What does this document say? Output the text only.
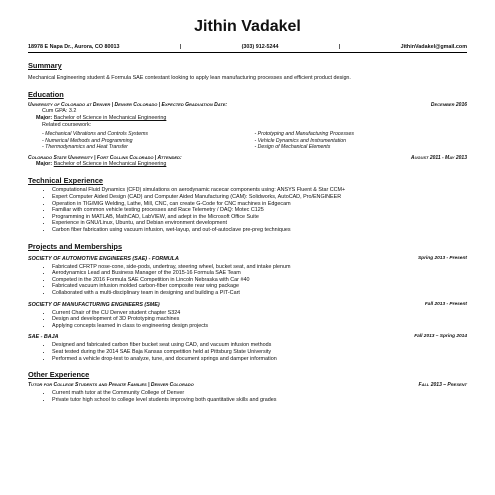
Jithin Vadakel
18978 E Napa Dr., Aurora, CO 80013	|	(303) 912-5244	|	JithinVadakel@gmail.com
Summary
Mechanical Engineering student & Formula SAE contestant looking to apply lean manufacturing processes and efficient product design.
Education
University of Colorado at Denver | Denver Colorado | Expected Graduation Date:	December 2016
Cum GPA: 3.2
Major: Bachelor of Science in Mechanical Engineering
Related coursework:
- Mechanical Vibrations and Controls Systems	- Prototyping and Manufacturing Processes
- Numerical Methods and Programming	- Vehicle Dynamics and Instrumentation
- Thermodynamics and Heat Transfer	- Design of Mechanical Elements
Colorado State University | Fort Collins Colorado | Attended:	August 2011 - May 2013
Major: Bachelor of Science in Mechanical Engineering
Technical Experience
• Computational Fluid Dynamics (CFD) simulations on aerodynamic racecar components using: ANSYS Fluent & Star CCM+
• Expert Computer Aided Design (CAD) and Computer Aided Manufacturing (CAM): Solidworks, AutoCAD, Pro/ENGINEER
• Operation in TIG/MIG Welding, Lathe, Mill, CNC, can create G-Code for CNC machines in Edgecam
• Familiar with common vehicle testing processes and Race Telemetry / DAQ: Motec C125
• Programming in MATLAB, MathCAD, LabVIEW, and adept in the Microsoft Office Suite
• Experience in GNU/Linux, Ubuntu, and Debian environment development
• Carbon fiber fabrication using vacuum infusion, wet-layup, and out-of-autoclave pre-preg techniques
Projects and Memberships
SOCIETY OF AUTOMOTIVE ENGINEERS (SAE) - FORMULA	Spring 2013 - Present
• Fabricated CFRTP nose-cone, side-pods, undertray, steering wheel, bucket seat, and intake plenum
• Aerodynamics Lead and Business Manager of the 2015-16 Formula SAE Team
• Competed in the 2016 Formula SAE Competition in Lincoln Nebraska with Car #40
• Fabricated vacuum infusion molded carbon-fiber composite rear wing package
• Collaborated with a multi-disciplinary team in designing and building a PIT-Cart
SOCIETY OF MANUFACTURING ENGINEERS (SME)	Fall 2013 - Present
• Current Chair of the CU Denver student chapter S324
• Design and development of 3D Prototyping machines
• Applying concepts learned in class to engineering design projects
SAE - BAJA	Fall 2013 – Spring 2014
• Designed and fabricated carbon fiber bucket seat using CAD, and vacuum infusion methods
• Seat tested during the 2014 SAE Baja Kansas competition held at Pittsburg State University
• Performed a vehicle drop-test to analyze, tune, and document springs and damper information
Other Experience
Tutor for College Students and Private Families | Denver Colorado	Fall 2013 – Present
• Current math tutor at the Community College of Denver
• Private tutor high school to college level students improving both quantitative skills and grades
